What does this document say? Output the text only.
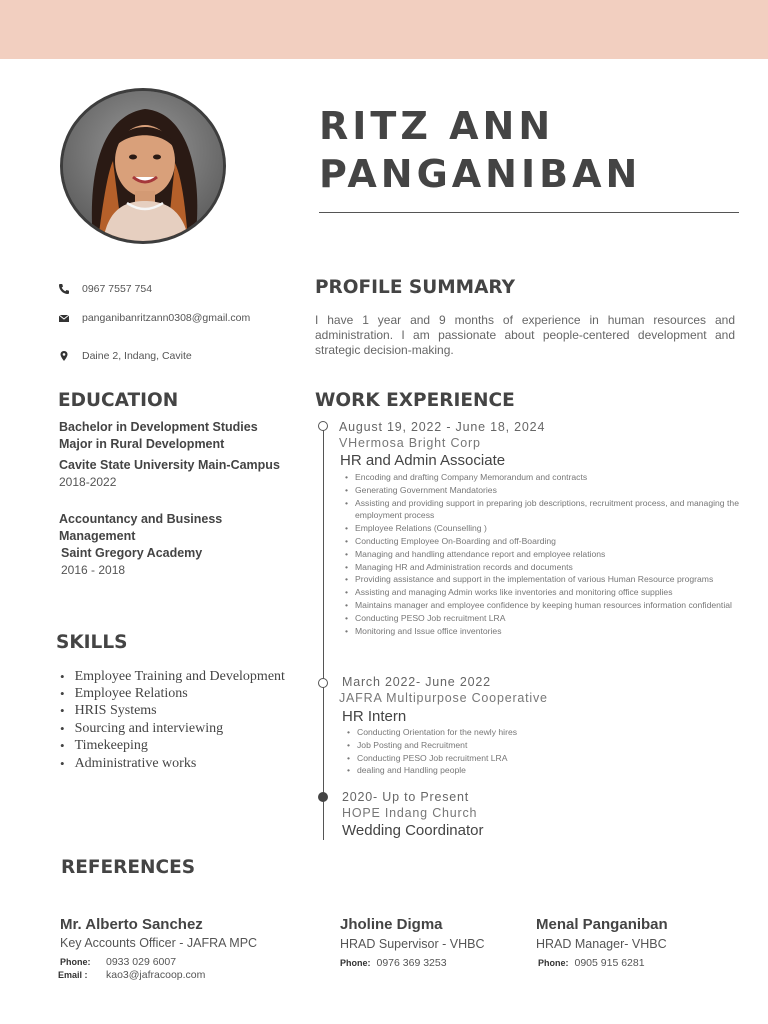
RITZ ANN
PANGANIBAN
0967 7557 754
panganibanritzann0308@gmail.com
Daine 2, Indang, Cavite
EDUCATION
Bachelor in Development Studies
Major in Rural Development
Cavite State University Main-Campus
2018-2022
Accountancy and Business
Management
Saint Gregory Academy
2016 - 2018
SKILLS
• Employee Training and Development
• Employee Relations
• HRIS Systems
• Sourcing and interviewing
• Timekeeping
• Administrative works
PROFILE SUMMARY
I have 1 year and 9 months of experience in human resources and administration. I am passionate about people-centered development and strategic decision-making.
WORK EXPERIENCE
August 19, 2022 - June 18, 2024
VHermosa Bright Corp
HR and Admin Associate
• Encoding and drafting Company Memorandum and contracts
• Generating Government Mandatories
• Assisting and providing support in preparing job descriptions, recruitment process, and managing the employment process
• Employee Relations (Counselling )
• Conducting Employee On-Boarding and off-Boarding
• Managing and handling attendance report and employee relations
• Managing HR and Administration records and documents
• Providing assistance and support in the implementation of various Human Resource programs
• Assisting and managing Admin works like inventories and monitoring office supplies
• Maintains manager and employee confidence by keeping human resources information confidential
• Conducting PESO Job recruitment LRA
• Monitoring and Issue office inventories
March 2022- June 2022
JAFRA Multipurpose Cooperative
HR Intern
• Conducting Orientation for the newly hires
• Job Posting and Recruitment
• Conducting PESO Job recruitment LRA
• dealing and Handling people
2020- Up to Present
HOPE Indang Church
Wedding Coordinator
REFERENCES
Mr. Alberto Sanchez
Key Accounts Officer - JAFRA MPC
Phone: 0933 029 6007
Email : kao3@jafracoop.com
Jholine Digma
HRAD Supervisor - VHBC
Phone: 0976 369 3253
Menal Panganiban
HRAD Manager- VHBC
Phone: 0905 915 6281
